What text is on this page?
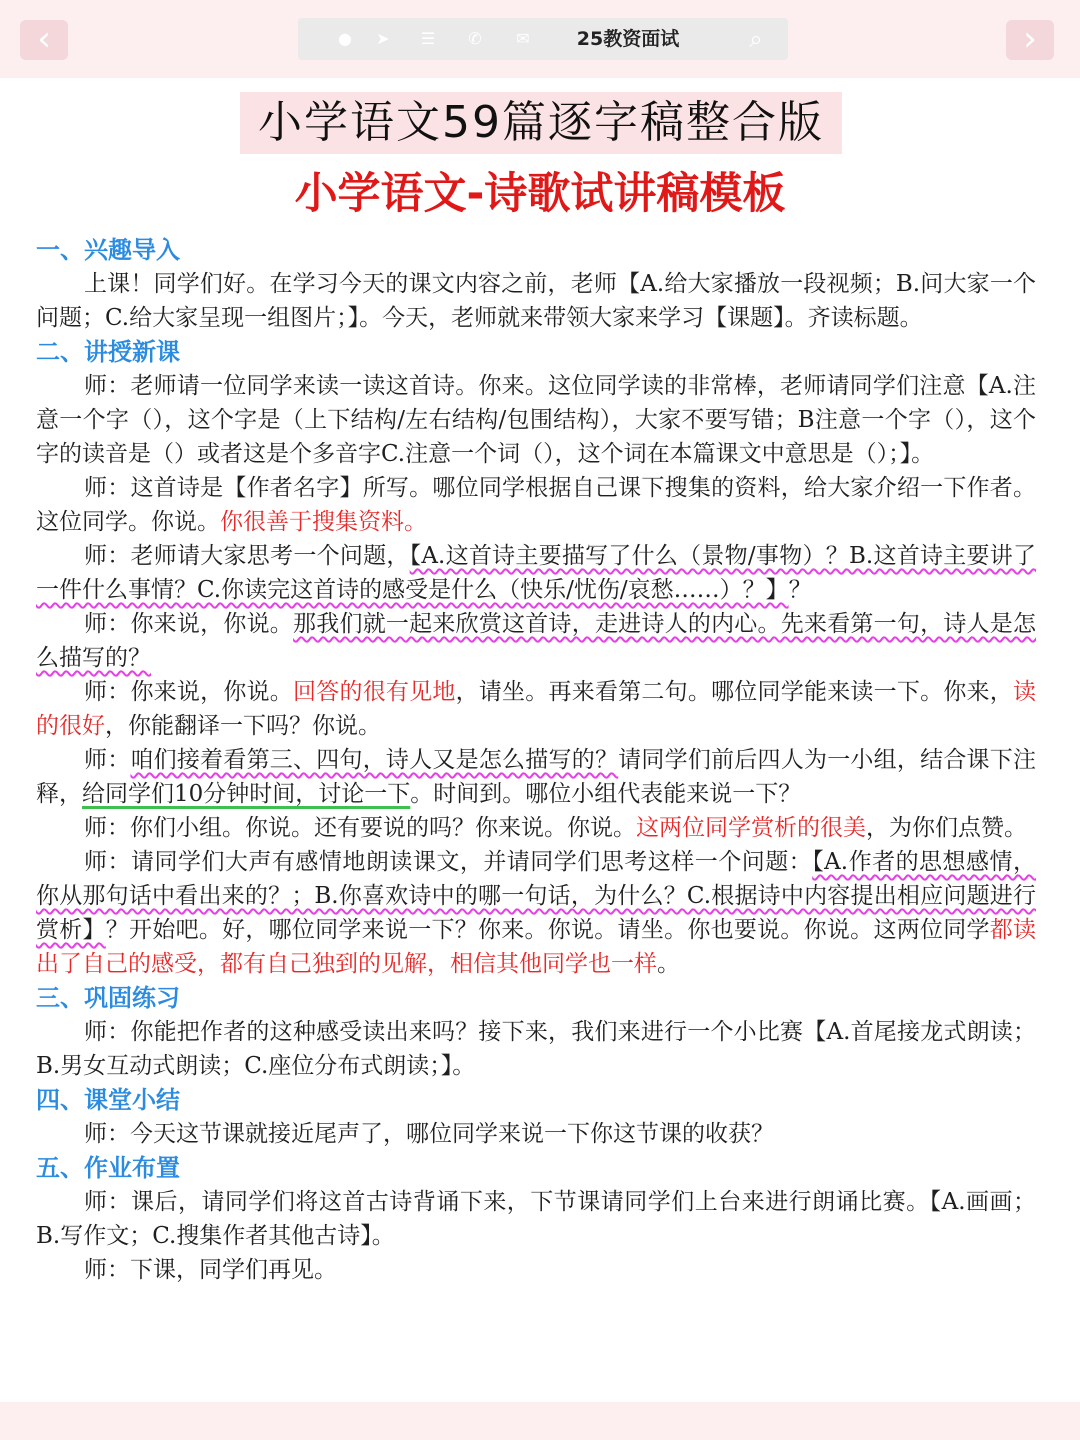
‹	›
● ➤ ☰ ✆ ✉	25教资面试	⌕
小学语文59篇逐字稿整合版
小学语文-诗歌试讲稿模板

一、兴趣导入

上课！同学们好。在学习今天的课文内容之前，老师【A.给大家播放一段视频；B.问大家一个问题；C.给大家呈现一组图片；】。今天，老师就来带领大家来学习【课题】。齐读标题。

二、讲授新课

师：老师请一位同学来读一读这首诗。你来。这位同学读的非常棒，老师请同学们注意【A.注意一个字（），这个字是（上下结构/左右结构/包围结构），大家不要写错；B注意一个字（），这个字的读音是（）或者这是个多音字C.注意一个词（），这个词在本篇课文中意思是（）；】。

师：这首诗是【作者名字】所写。哪位同学根据自己课下搜集的资料，给大家介绍一下作者。这位同学。你说。你很善于搜集资料。

师：老师请大家思考一个问题，【A.这首诗主要描写了什么（景物/事物）？B.这首诗主要讲了一件什么事情？C.你读完这首诗的感受是什么（快乐/忧伤/哀愁……）？】？

师：你来说，你说。那我们就一起来欣赏这首诗，走进诗人的内心。先来看第一句，诗人是怎么描写的？

师：你来说，你说。回答的很有见地，请坐。再来看第二句。哪位同学能来读一下。你来，读的很好，你能翻译一下吗？你说。

师：咱们接着看第三、四句，诗人又是怎么描写的？请同学们前后四人为一小组，结合课下注释，给同学们10分钟时间，讨论一下。时间到。哪位小组代表能来说一下？

师：你们小组。你说。还有要说的吗？你来说。你说。这两位同学赏析的很美，为你们点赞。

师：请同学们大声有感情地朗读课文，并请同学们思考这样一个问题：【A.作者的思想感情，你从那句话中看出来的？；B.你喜欢诗中的哪一句话，为什么？C.根据诗中内容提出相应问题进行赏析】？开始吧。好，哪位同学来说一下？你来。你说。请坐。你也要说。你说。这两位同学都读出了自己的感受，都有自己独到的见解，相信其他同学也一样。

三、巩固练习

师：你能把作者的这种感受读出来吗？接下来，我们来进行一个小比赛【A.首尾接龙式朗读；B.男女互动式朗读；C.座位分布式朗读；】。

四、课堂小结

师：今天这节课就接近尾声了，哪位同学来说一下你这节课的收获？

五、作业布置

师：课后，请同学们将这首古诗背诵下来，下节课请同学们上台来进行朗诵比赛。【A.画画；B.写作文；C.搜集作者其他古诗】。

师：下课，同学们再见。
